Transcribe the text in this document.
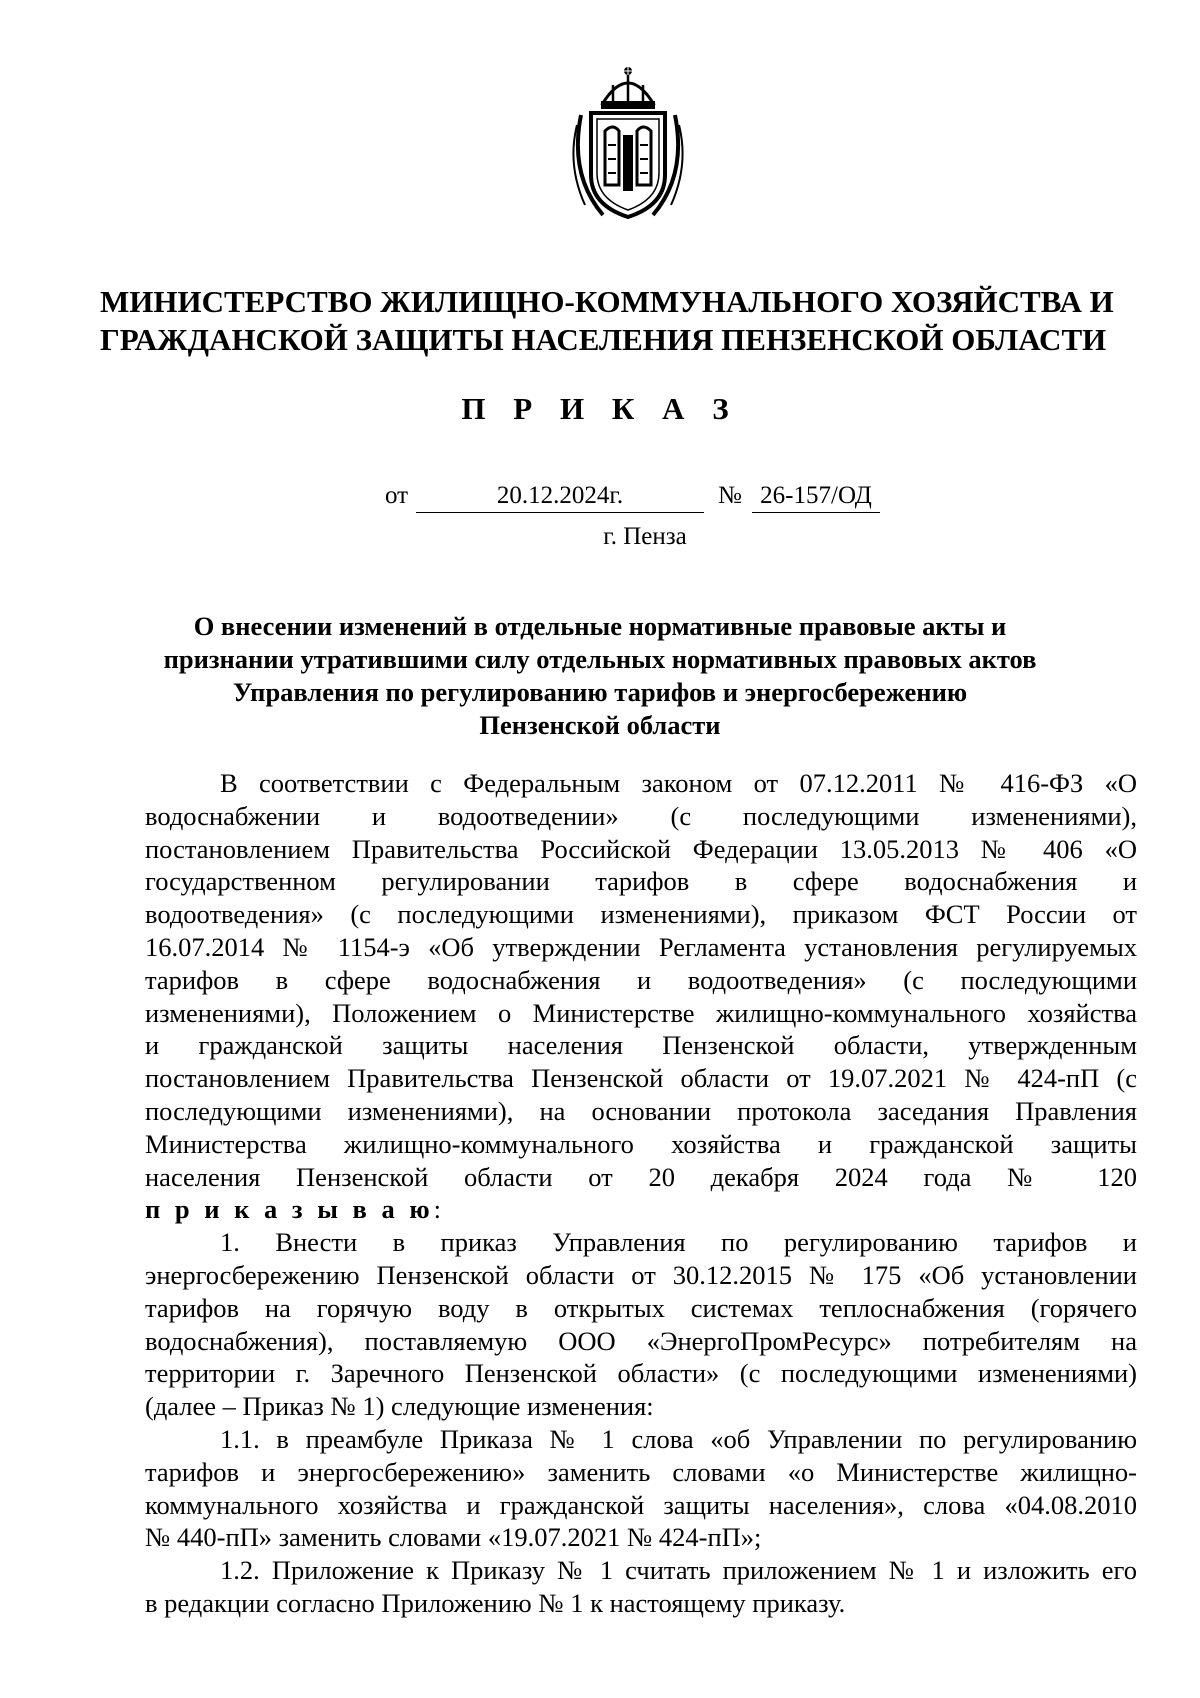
МИНИСТЕРСТВО ЖИЛИЩНО-КОММУНАЛЬНОГО ХОЗЯЙСТВА И
ГРАЖДАНСКОЙ ЗАЩИТЫ НАСЕЛЕНИЯ ПЕНЗЕНСКОЙ ОБЛАСТИ
П Р И К А З
от	20.12.2024г.	№ 26-157/ОД
г. Пенза
О внесении изменений в отдельные нормативные правовые акты и
признании утратившими силу отдельных нормативных правовых актов
Управления по регулированию тарифов и энергосбережению
Пензенской области

В соответствии с Федеральным законом от 07.12.2011 № 416-ФЗ «О

водоснабжении и водоотведении» (с последующими изменениями),

постановлением Правительства Российской Федерации 13.05.2013 № 406 «О

государственном регулировании тарифов в сфере водоснабжения и

водоотведения» (с последующими изменениями), приказом ФСТ России от

16.07.2014 № 1154-э «Об утверждении Регламента установления регулируемых

тарифов в сфере водоснабжения и водоотведения» (с последующими

изменениями), Положением о Министерстве жилищно-коммунального хозяйства

и гражданской защиты населения Пензенской области, утвержденным

постановлением Правительства Пензенской области от 19.07.2021 № 424-пП (с

последующими изменениями), на основании протокола заседания Правления

Министерства жилищно-коммунального хозяйства и гражданской защиты

населения Пензенской области от 20 декабря 2024 года № 120

п р и к а з ы в а ю:

1. Внести в приказ Управления по регулированию тарифов и

энергосбережению Пензенской области от 30.12.2015 № 175 «Об установлении

тарифов на горячую воду в открытых системах теплоснабжения (горячего

водоснабжения), поставляемую ООО «ЭнергоПромРесурс» потребителям на

территории г. Заречного Пензенской области» (с последующими изменениями)

(далее – Приказ № 1) следующие изменения:

1.1. в преамбуле Приказа № 1 слова «об Управлении по регулированию

тарифов и энергосбережению» заменить словами «о Министерстве жилищно-

коммунального хозяйства и гражданской защиты населения», слова «04.08.2010

№ 440-пП» заменить словами «19.07.2021 № 424-пП»;

1.2. Приложение к Приказу № 1 считать приложением № 1 и изложить его

в редакции согласно Приложению № 1 к настоящему приказу.
